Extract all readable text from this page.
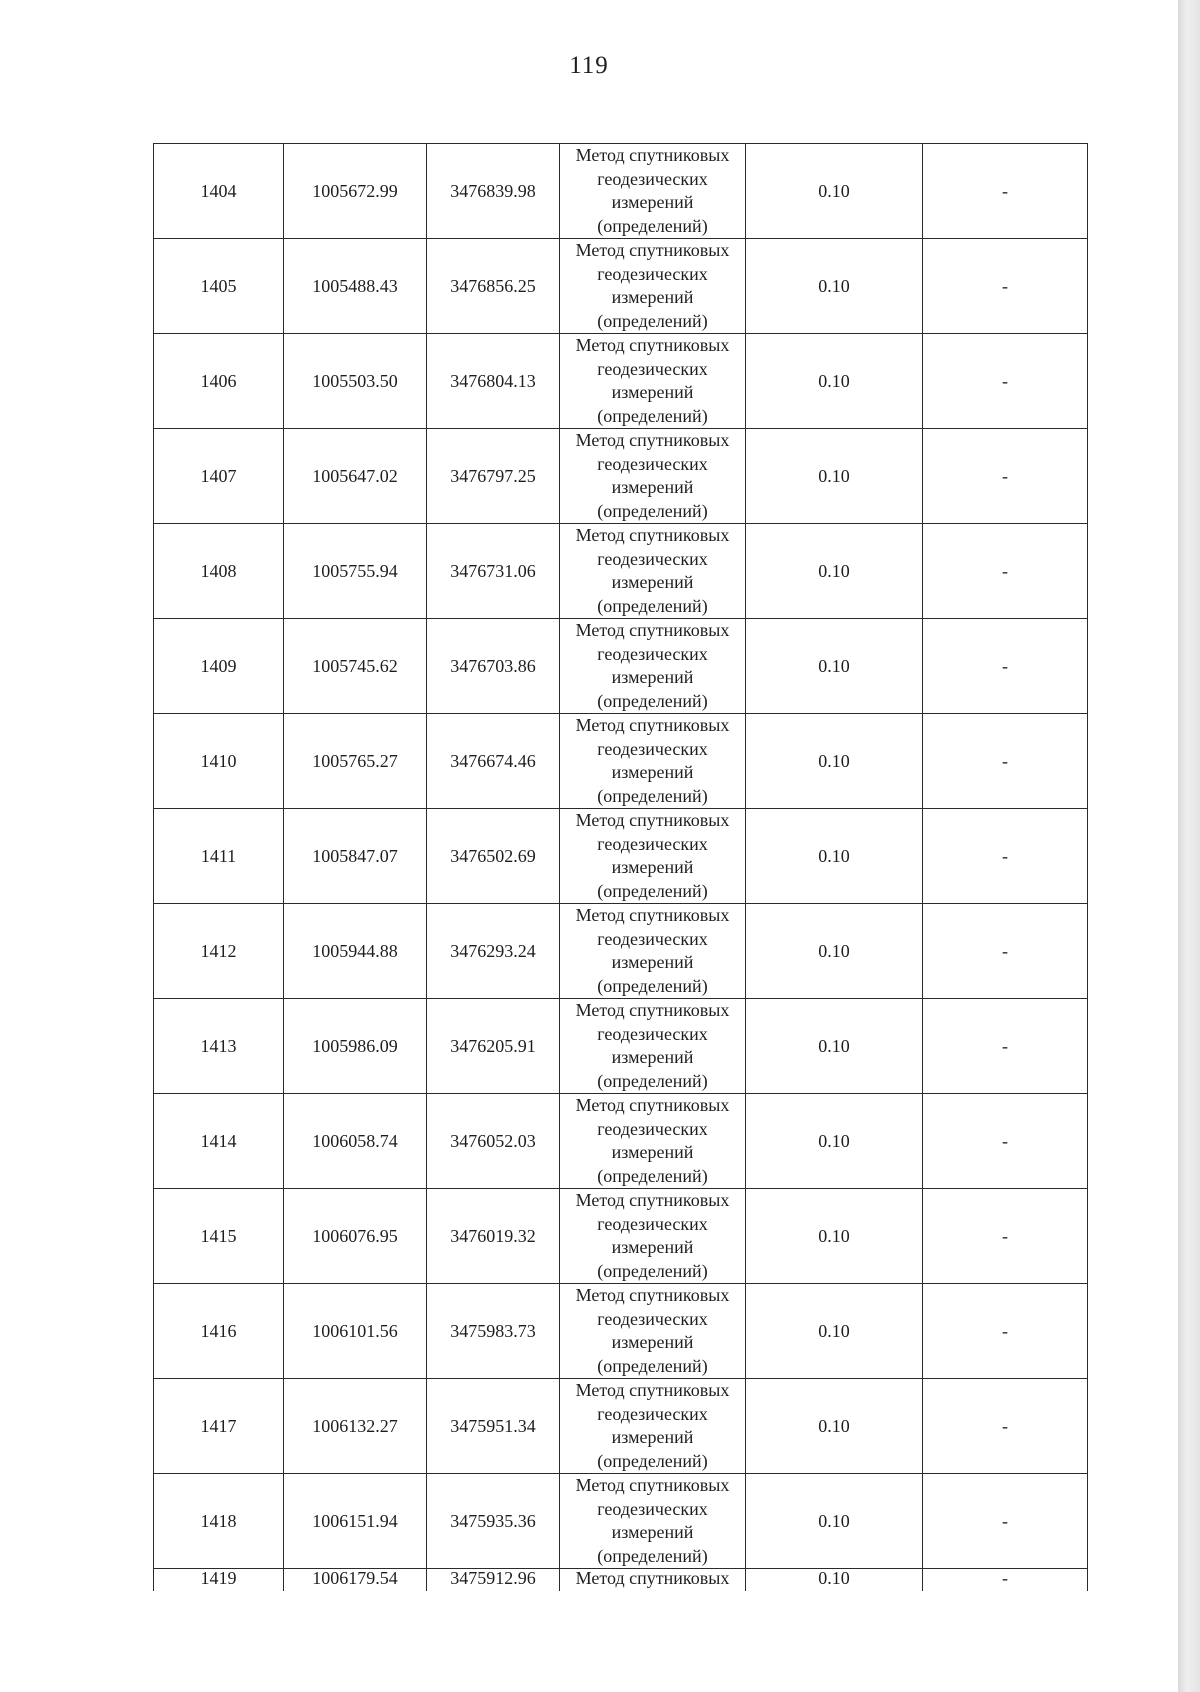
119
1404	1005672.99	3476839.98	Метод спутниковых
геодезических
измерений
(определений)	0.10	-
1405	1005488.43	3476856.25	Метод спутниковых
геодезических
измерений
(определений)	0.10	-
1406	1005503.50	3476804.13	Метод спутниковых
геодезических
измерений
(определений)	0.10	-
1407	1005647.02	3476797.25	Метод спутниковых
геодезических
измерений
(определений)	0.10	-
1408	1005755.94	3476731.06	Метод спутниковых
геодезических
измерений
(определений)	0.10	-
1409	1005745.62	3476703.86	Метод спутниковых
геодезических
измерений
(определений)	0.10	-
1410	1005765.27	3476674.46	Метод спутниковых
геодезических
измерений
(определений)	0.10	-
1411	1005847.07	3476502.69	Метод спутниковых
геодезических
измерений
(определений)	0.10	-
1412	1005944.88	3476293.24	Метод спутниковых
геодезических
измерений
(определений)	0.10	-
1413	1005986.09	3476205.91	Метод спутниковых
геодезических
измерений
(определений)	0.10	-
1414	1006058.74	3476052.03	Метод спутниковых
геодезических
измерений
(определений)	0.10	-
1415	1006076.95	3476019.32	Метод спутниковых
геодезических
измерений
(определений)	0.10	-
1416	1006101.56	3475983.73	Метод спутниковых
геодезических
измерений
(определений)	0.10	-
1417	1006132.27	3475951.34	Метод спутниковых
геодезических
измерений
(определений)	0.10	-
1418	1006151.94	3475935.36	Метод спутниковых
геодезических
измерений
(определений)	0.10	-
1419	1006179.54	3475912.96	Метод спутниковых	0.10	-
